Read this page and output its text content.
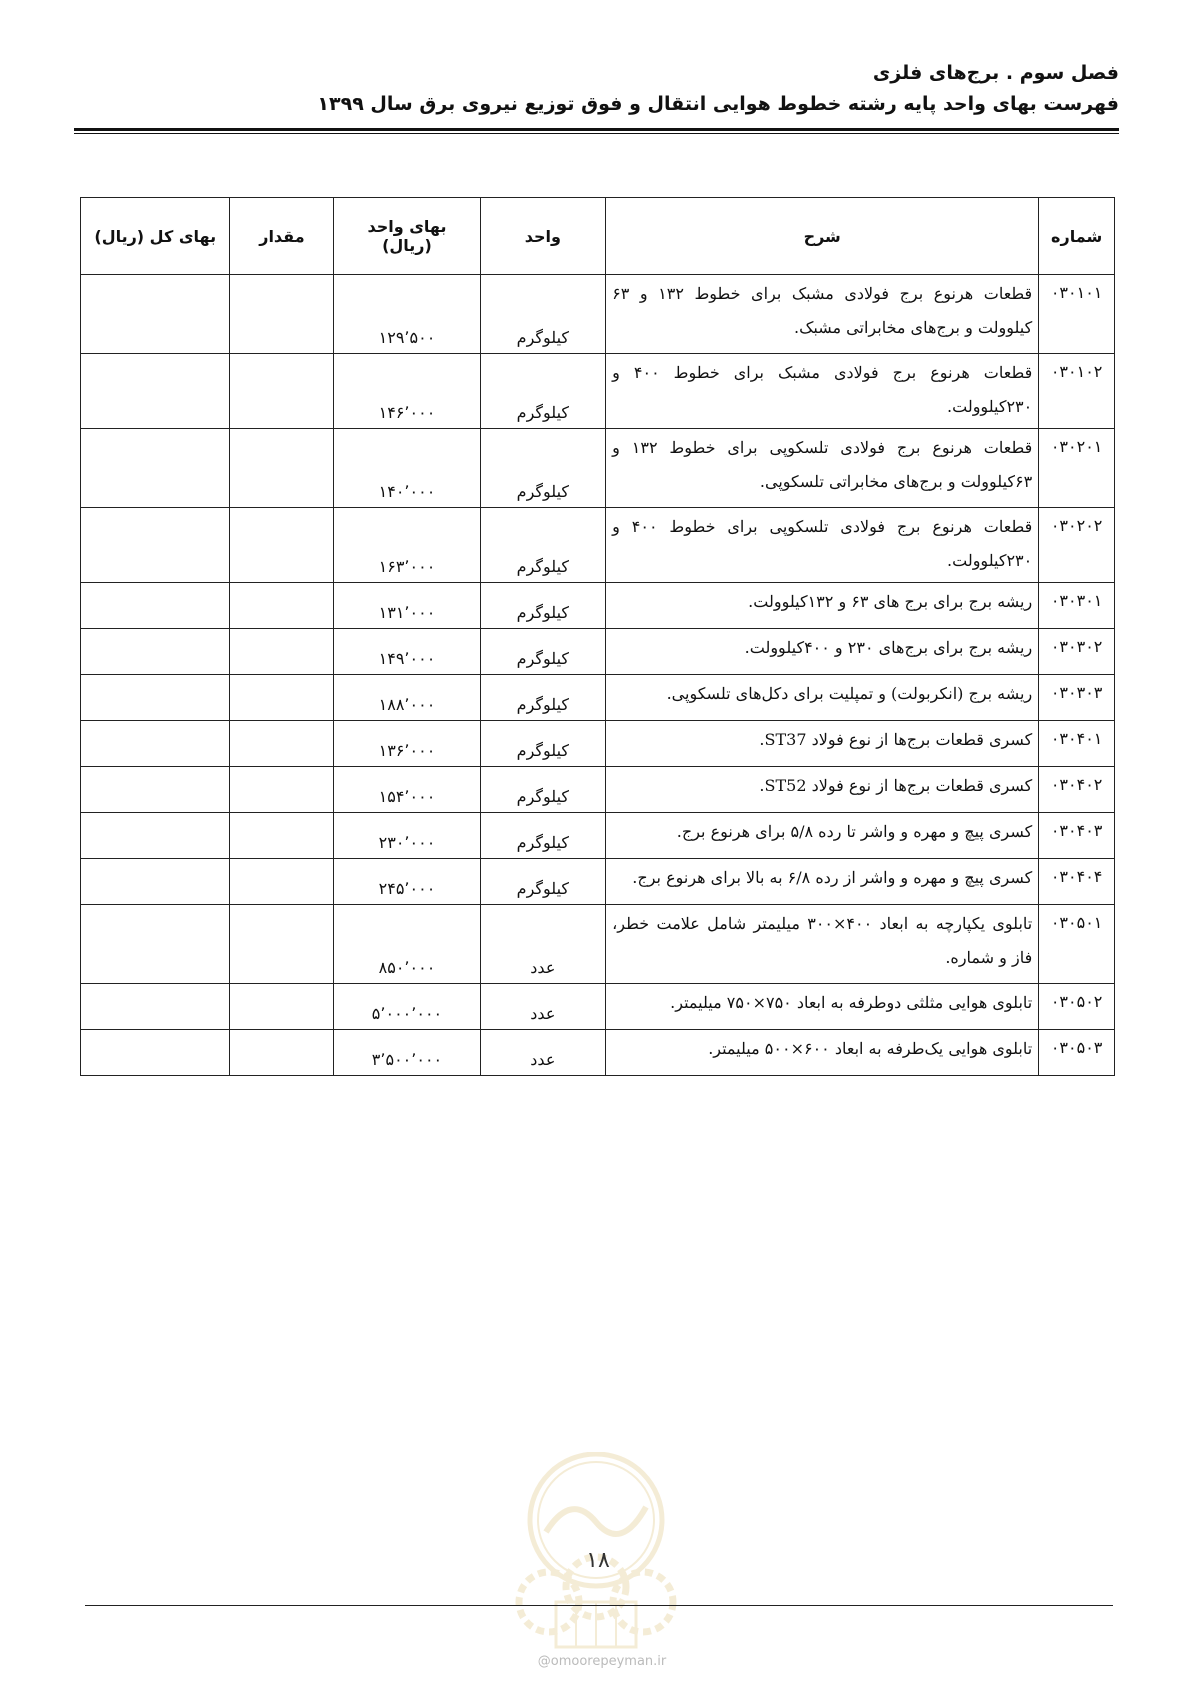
فصل سوم . برج‌های فلزی

فهرست بهای واحد پایه رشته خطوط هوایی انتقال و فوق توزیع نیروی برق سال ۱۳۹۹

شماره	شرح	واحد	بهای واحد (ریال)	مقدار	بهای کل (ریال)
۰۳۰۱۰۱	قطعات هرنوع برج فولادی مشبک برای خطوط ۱۳۲ و ۶۳ کیلوولت و برج‌های مخابراتی مشبک.	کیلوگرم	۱۲۹٬۵۰۰		
۰۳۰۱۰۲	قطعات هرنوع برج فولادی مشبک برای خطوط ۴۰۰ و ۲۳۰کیلوولت.	کیلوگرم	۱۴۶٬۰۰۰		
۰۳۰۲۰۱	قطعات هرنوع برج فولادی تلسکوپی برای خطوط ۱۳۲ و ۶۳کیلوولت و برج‌های مخابراتی تلسکوپی.	کیلوگرم	۱۴۰٬۰۰۰		
۰۳۰۲۰۲	قطعات هرنوع برج فولادی تلسکوپی برای خطوط ۴۰۰ و ۲۳۰کیلوولت.	کیلوگرم	۱۶۳٬۰۰۰		
۰۳۰۳۰۱	ریشه برج برای برج های ۶۳ و ۱۳۲کیلوولت.	کیلوگرم	۱۳۱٬۰۰۰		
۰۳۰۳۰۲	ریشه برج برای برج‌های ۲۳۰ و ۴۰۰کیلوولت.	کیلوگرم	۱۴۹٬۰۰۰		
۰۳۰۳۰۳	ریشه برج (انکربولت) و تمپلیت برای دکل‌های تلسکوپی.	کیلوگرم	۱۸۸٬۰۰۰		
۰۳۰۴۰۱	کسری قطعات برج‌ها از نوع فولاد ST37.	کیلوگرم	۱۳۶٬۰۰۰		
۰۳۰۴۰۲	کسری قطعات برج‌ها از نوع فولاد ST52.	کیلوگرم	۱۵۴٬۰۰۰		
۰۳۰۴۰۳	کسری پیچ و مهره و واشر تا رده ۵/۸ برای هرنوع برج.	کیلوگرم	۲۳۰٬۰۰۰		
۰۳۰۴۰۴	کسری پیچ و مهره و واشر از رده ۶/۸ به بالا برای هرنوع برج.	کیلوگرم	۲۴۵٬۰۰۰		
۰۳۰۵۰۱	تابلوی یکپارچه به ابعاد ۴۰۰×۳۰۰ میلیمتر شامل علامت خطر، فاز و شماره.	عدد	۸۵۰٬۰۰۰		
۰۳۰۵۰۲	تابلوی هوایی مثلثی دوطرفه به ابعاد ۷۵۰×۷۵۰ میلیمتر.	عدد	۵٬۰۰۰٬۰۰۰		
۰۳۰۵۰۳	تابلوی هوایی یک‌طرفه به ابعاد ۶۰۰×۵۰۰ میلیمتر.	عدد	۳٬۵۰۰٬۰۰۰		
۱۸
@omoorepeyman.ir
